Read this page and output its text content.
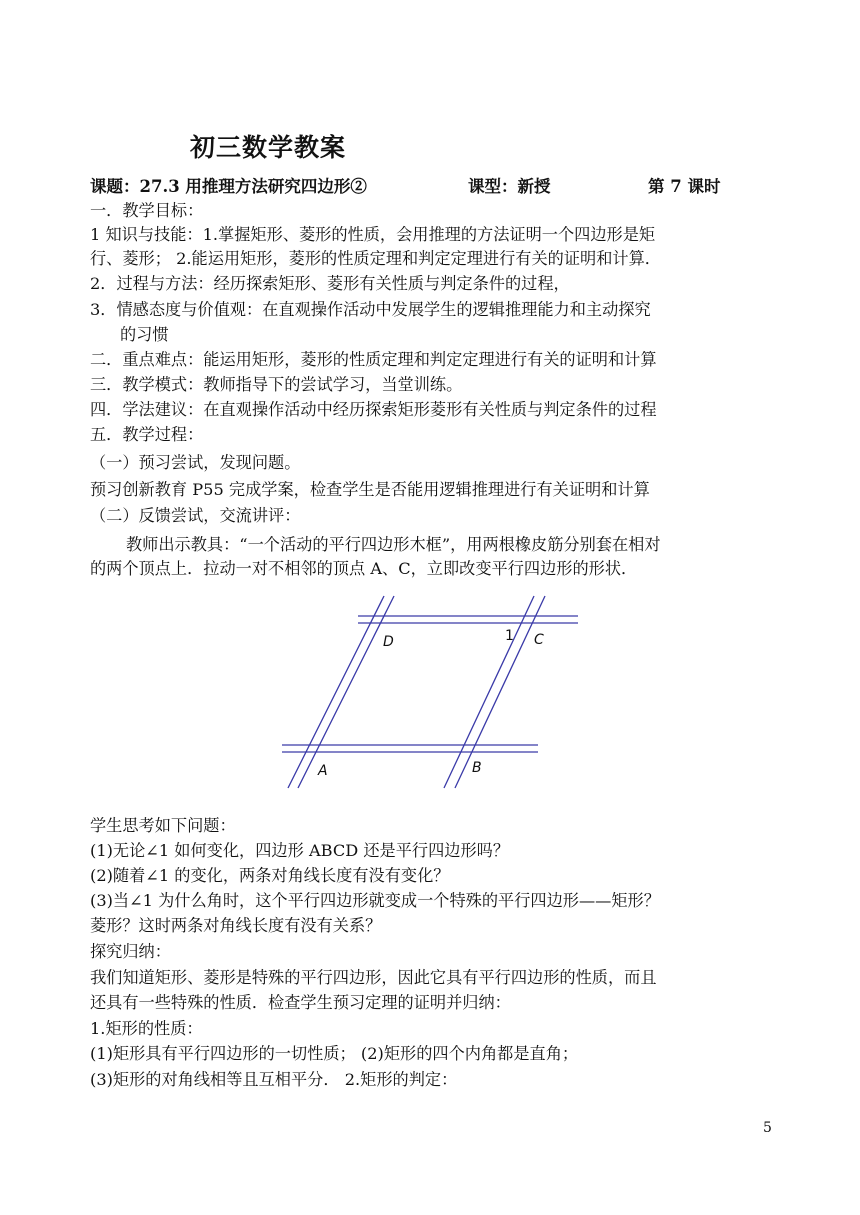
初三数学教案
课题：27.3 用推理方法研究四边形②	课型：新授	第 7 课时
一．教学目标：
1 知识与技能：1.掌握矩形、菱形的性质，会用推理的方法证明一个四边形是矩
行、菱形； 2.能运用矩形，菱形的性质定理和判定定理进行有关的证明和计算．
2．过程与方法：经历探索矩形、菱形有关性质与判定条件的过程，
3．情感态度与价值观：在直观操作活动中发展学生的逻辑推理能力和主动探究
的习惯
二．重点难点：能运用矩形，菱形的性质定理和判定定理进行有关的证明和计算
三．教学模式：教师指导下的尝试学习，当堂训练。
四．学法建议：在直观操作活动中经历探索矩形菱形有关性质与判定条件的过程
五．教学过程：
（一）预习尝试，发现问题。
预习创新教育 P55 完成学案，检查学生是否能用逻辑推理进行有关证明和计算
（二）反馈尝试，交流讲评：
教师出示教具：“一个活动的平行四边形木框”，用两根橡皮筋分别套在相对
的两个顶点上．拉动一对不相邻的顶点 A、C，立即改变平行四边形的形状．
D	C
1
A	B
学生思考如下问题：
(1)无论∠1 如何变化，四边形 ABCD 还是平行四边形吗？
(2)随着∠1 的变化，两条对角线长度有没有变化？
(3)当∠1 为什么角时，这个平行四边形就变成一个特殊的平行四边形——矩形？
菱形？这时两条对角线长度有没有关系？
探究归纳：
我们知道矩形、菱形是特殊的平行四边形，因此它具有平行四边形的性质，而且
还具有一些特殊的性质．检查学生预习定理的证明并归纳：
1.矩形的性质：
(1)矩形具有平行四边形的一切性质； (2)矩形的四个内角都是直角；
(3)矩形的对角线相等且互相平分． 2.矩形的判定：
5
